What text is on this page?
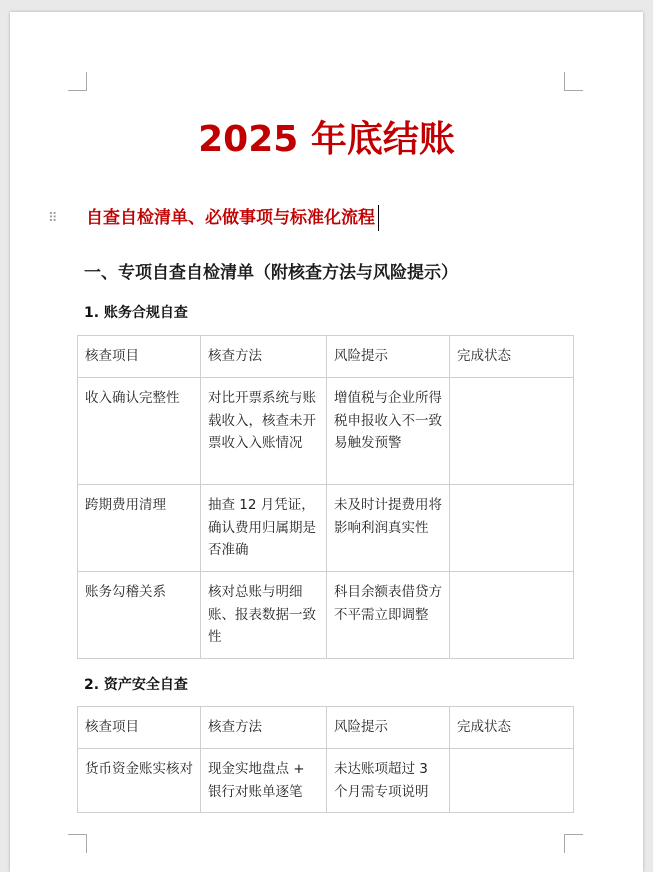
2025 年底结账
⠿ 自查自检清单、必做事项与标准化流程
一、专项自查自检清单（附核查方法与风险提示）
1. 账务合规自查
核查项目	核查方法	风险提示	完成状态
收入确认完整性	对比开票系统与账载收入，核查未开票收入入账情况	增值税与企业所得税申报收入不一致易触发预警	
跨期费用清理	抽查 12 月凭证，确认费用归属期是否准确	未及时计提费用将影响利润真实性	
账务勾稽关系	核对总账与明细账、报表数据一致性	科目余额表借贷方不平需立即调整	
2. 资产安全自查
核查项目	核查方法	风险提示	完成状态
货币资金账实核对	现金实地盘点 + 银行对账单逐笔	未达账项超过 3 个月需专项说明	
